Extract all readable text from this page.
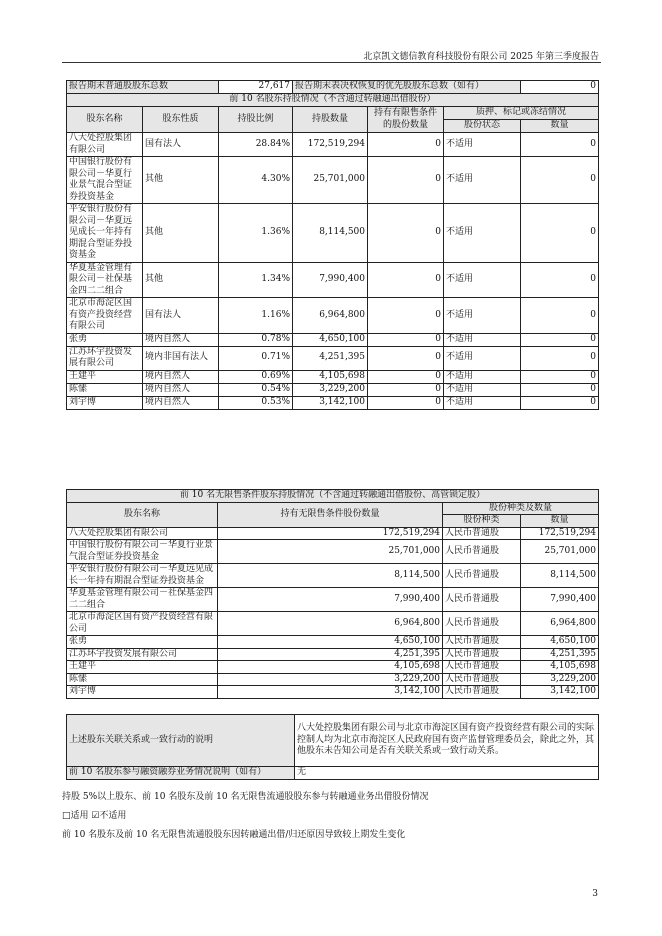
北京凯文德信教育科技股份有限公司 2025 年第三季度报告
报告期末普通股股东总数		27,617	报告期末表决权恢复的优先股股东总数（如有）			0
前 10 名股东持股情况（不含通过转融通出借股份）						
股东名称	股东性质	持股比例	持股数量	持有有限售条件的股份数量	质押、标记或冻结情况	
					股份状态	数量
八大处控股集团有限公司	国有法人	28.84%	172,519,294	0	不适用	0
中国银行股份有限公司－华夏行业景气混合型证券投资基金	其他	4.30%	25,701,000	0	不适用	0
平安银行股份有限公司－华夏远见成长一年持有期混合型证券投资基金	其他	1.36%	8,114,500	0	不适用	0
华夏基金管理有限公司－社保基金四二二组合	其他	1.34%	7,990,400	0	不适用	0
北京市海淀区国有资产投资经营有限公司	国有法人	1.16%	6,964,800	0	不适用	0
张勇	境内自然人	0.78%	4,650,100	0	不适用	0
江苏环宇投资发展有限公司	境内非国有法人	0.71%	4,251,395	0	不适用	0
王建平	境内自然人	0.69%	4,105,698	0	不适用	0
陈愫	境内自然人	0.54%	3,229,200	0	不适用	0
刘宇博	境内自然人	0.53%	3,142,100	0	不适用	0
前 10 名无限售条件股东持股情况（不含通过转融通出借股份、高管锁定股）			
股东名称	持有无限售条件股份数量	股份种类及数量	
		股份种类	数量
八大处控股集团有限公司	172,519,294	人民币普通股	172,519,294
中国银行股份有限公司－华夏行业景气混合型证券投资基金	25,701,000	人民币普通股	25,701,000
平安银行股份有限公司－华夏远见成长一年持有期混合型证券投资基金	8,114,500	人民币普通股	8,114,500
华夏基金管理有限公司－社保基金四二二组合	7,990,400	人民币普通股	7,990,400
北京市海淀区国有资产投资经营有限公司	6,964,800	人民币普通股	6,964,800
张勇	4,650,100	人民币普通股	4,650,100
江苏环宇投资发展有限公司	4,251,395	人民币普通股	4,251,395
王建平	4,105,698	人民币普通股	4,105,698
陈愫	3,229,200	人民币普通股	3,229,200
刘宇博	3,142,100	人民币普通股	3,142,100
上述股东关联关系或一致行动的说明	八大处控股集团有限公司与北京市海淀区国有资产投资经营有限公司的实际控制人均为北京市海淀区人民政府国有资产监督管理委员会，除此之外，其他股东未告知公司是否有关联关系或一致行动关系。
前 10 名股东参与融资融券业务情况说明（如有）	无
持股 5%以上股东、前 10 名股东及前 10 名无限售流通股股东参与转融通业务出借股份情况
□适用 ☑不适用
前 10 名股东及前 10 名无限售流通股股东因转融通出借/归还原因导致较上期发生变化
3
